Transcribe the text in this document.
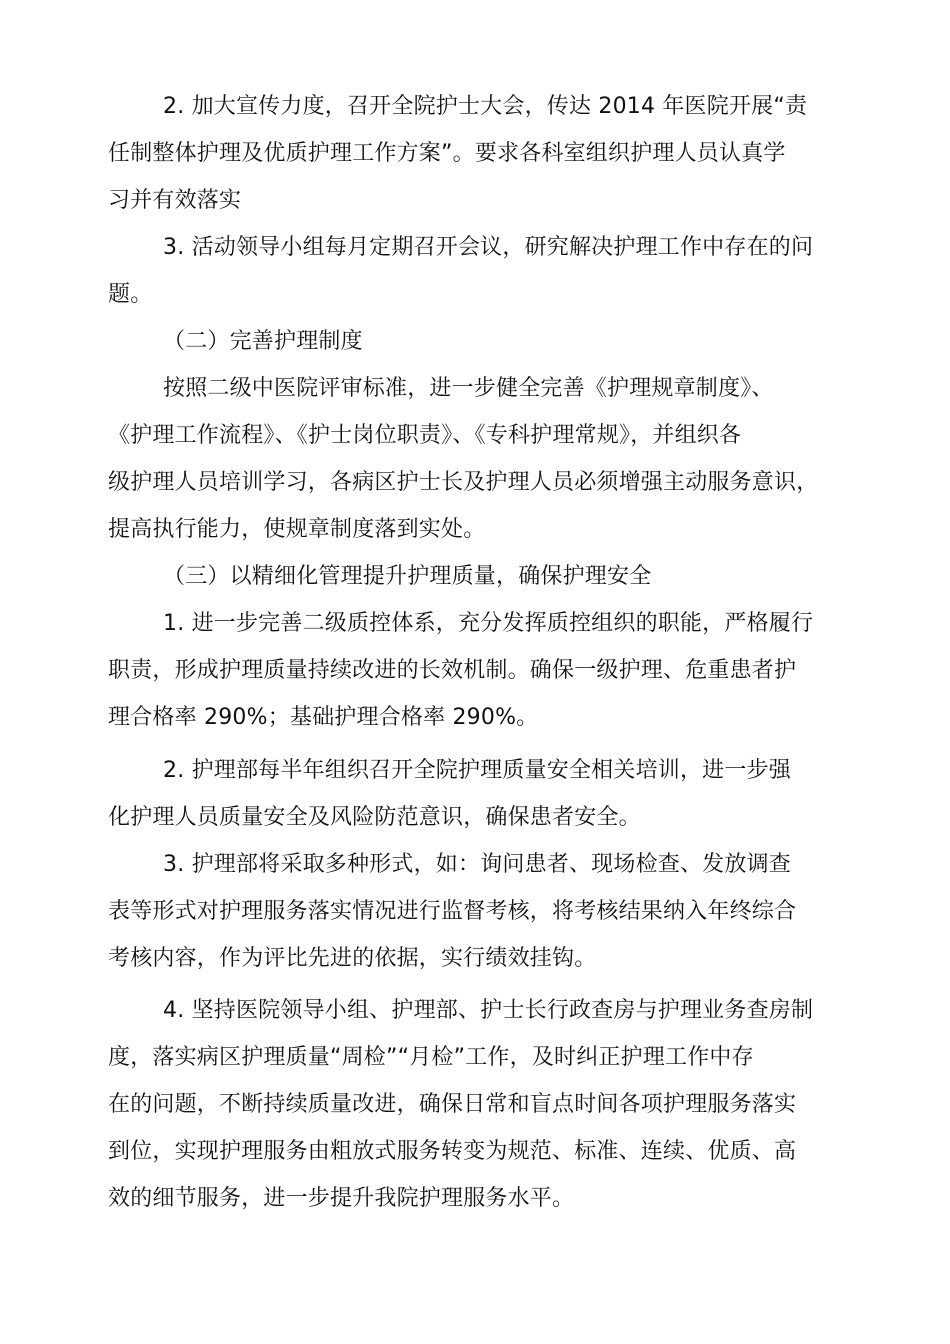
2. 加大宣传力度，召开全院护士大会，传达 2014 年医院开展“责
任制整体护理及优质护理工作方案”。要求各科室组织护理人员认真学
习并有效落实
3. 活动领导小组每月定期召开会议，研究解决护理工作中存在的问
题。
（二）完善护理制度
按照二级中医院评审标准，进一步健全完善《护理规章制度》、
《护理工作流程》、《护士岗位职责》、《专科护理常规》，并组织各
级护理人员培训学习，各病区护士长及护理人员必须增强主动服务意识，
提高执行能力，使规章制度落到实处。
（三）以精细化管理提升护理质量，确保护理安全
1. 进一步完善二级质控体系，充分发挥质控组织的职能，严格履行
职责，形成护理质量持续改进的长效机制。确保一级护理、危重患者护
理合格率 290%；基础护理合格率 290%。
2. 护理部每半年组织召开全院护理质量安全相关培训，进一步强
化护理人员质量安全及风险防范意识，确保患者安全。
3. 护理部将采取多种形式，如：询问患者、现场检查、发放调查
表等形式对护理服务落实情况进行监督考核，将考核结果纳入年终综合
考核内容，作为评比先进的依据，实行绩效挂钩。
4. 坚持医院领导小组、护理部、护士长行政查房与护理业务查房制
度，落实病区护理质量“周检”“月检”工作，及时纠正护理工作中存
在的问题，不断持续质量改进，确保日常和盲点时间各项护理服务落实
到位，实现护理服务由粗放式服务转变为规范、标准、连续、优质、高
效的细节服务，进一步提升我院护理服务水平。
